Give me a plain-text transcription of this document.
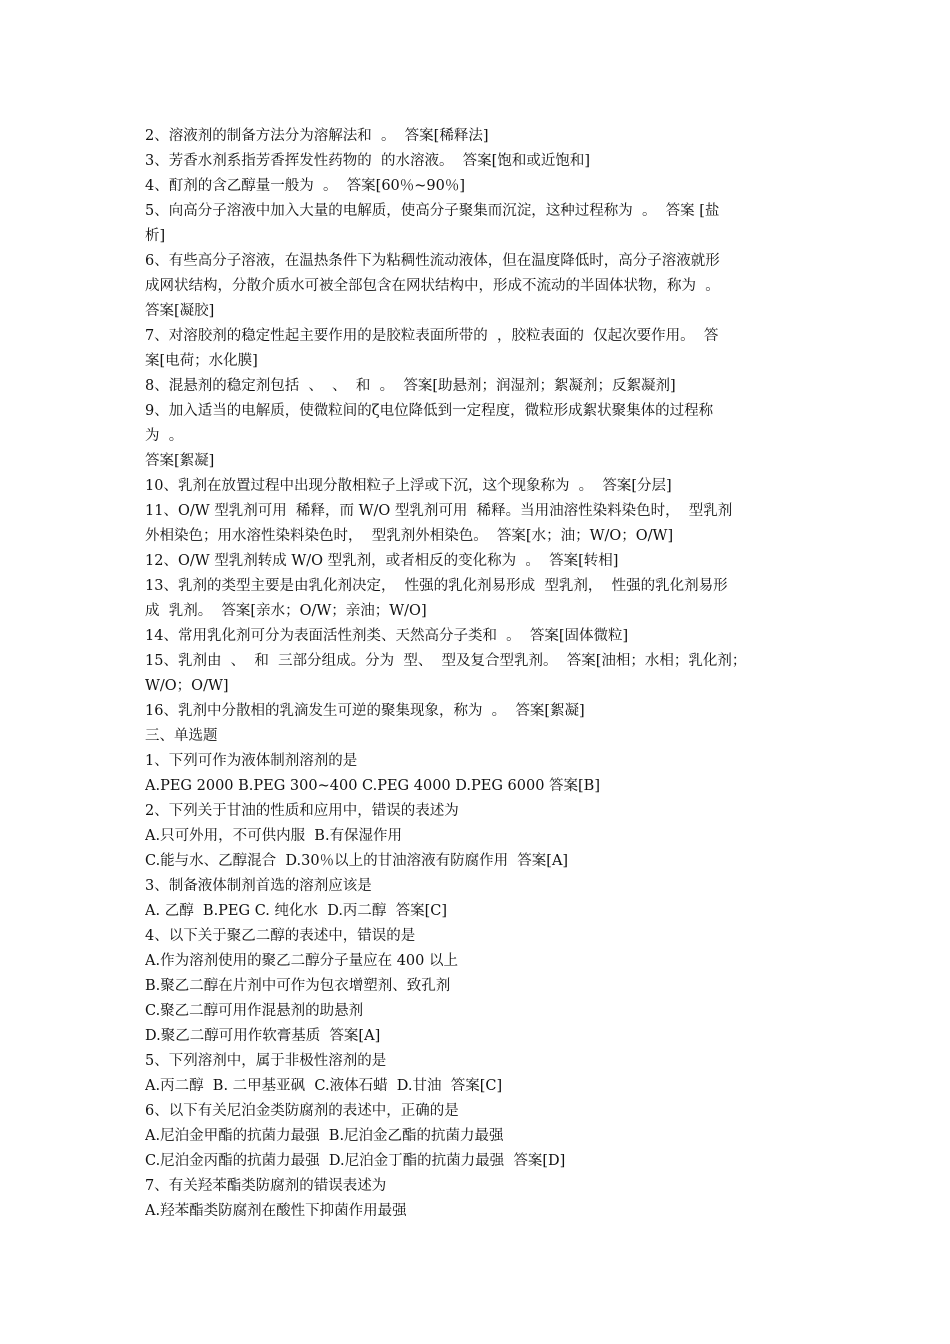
2、溶液剂的制备方法分为溶解法和  。  答案[稀释法]
3、芳香水剂系指芳香挥发性药物的  的水溶液。  答案[饱和或近饱和]
4、酊剂的含乙醇量一般为  。  答案[60％~90％]
5、向高分子溶液中加入大量的电解质，使高分子聚集而沉淀，这种过程称为  。  答案 [盐
析]
6、有些高分子溶液，在温热条件下为粘稠性流动液体，但在温度降低时，高分子溶液就形
成网状结构，分散介质水可被全部包含在网状结构中，形成不流动的半固体状物，称为  。
答案[凝胶]
7、对溶胶剂的稳定性起主要作用的是胶粒表面所带的  ，胶粒表面的  仅起次要作用。  答
案[电荷；水化膜]
8、混悬剂的稳定剂包括  、  、  和  。  答案[助悬剂；润湿剂；絮凝剂；反絮凝剂]
9、加入适当的电解质，使微粒间的ζ电位降低到一定程度，微粒形成絮状聚集体的过程称
为  。
答案[絮凝]
10、乳剂在放置过程中出现分散相粒子上浮或下沉，这个现象称为  。  答案[分层]
11、O/W 型乳剂可用  稀释，而 W/O 型乳剂可用  稀释。当用油溶性染料染色时，  型乳剂
外相染色；用水溶性染料染色时，  型乳剂外相染色。  答案[水；油；W/O；O/W]
12、O/W 型乳剂转成 W/O 型乳剂，或者相反的变化称为  。  答案[转相]
13、乳剂的类型主要是由乳化剂决定，  性强的乳化剂易形成  型乳剂，  性强的乳化剂易形
成  乳剂。  答案[亲水；O/W；亲油；W/O]
14、常用乳化剂可分为表面活性剂类、天然高分子类和  。  答案[固体微粒]
15、乳剂由  、  和  三部分组成。分为  型、  型及复合型乳剂。  答案[油相；水相；乳化剂；
W/O；O/W]
16、乳剂中分散相的乳滴发生可逆的聚集现象，称为  。  答案[絮凝]
三、单选题
1、下列可作为液体制剂溶剂的是
A.PEG 2000 B.PEG 300~400 C.PEG 4000 D.PEG 6000 答案[B]
2、下列关于甘油的性质和应用中，错误的表述为
A.只可外用，不可供内服  B.有保湿作用
C.能与水、乙醇混合  D.30％以上的甘油溶液有防腐作用  答案[A]
3、制备液体制剂首选的溶剂应该是
A. 乙醇  B.PEG C. 纯化水  D.丙二醇  答案[C]
4、以下关于聚乙二醇的表述中，错误的是
A.作为溶剂使用的聚乙二醇分子量应在 400 以上
B.聚乙二醇在片剂中可作为包衣增塑剂、致孔剂
C.聚乙二醇可用作混悬剂的助悬剂
D.聚乙二醇可用作软膏基质  答案[A]
5、下列溶剂中，属于非极性溶剂的是
A.丙二醇  B. 二甲基亚砜  C.液体石蜡  D.甘油  答案[C]
6、以下有关尼泊金类防腐剂的表述中，正确的是
A.尼泊金甲酯的抗菌力最强  B.尼泊金乙酯的抗菌力最强
C.尼泊金丙酯的抗菌力最强  D.尼泊金丁酯的抗菌力最强  答案[D]
7、有关羟苯酯类防腐剂的错误表述为
A.羟苯酯类防腐剂在酸性下抑菌作用最强
